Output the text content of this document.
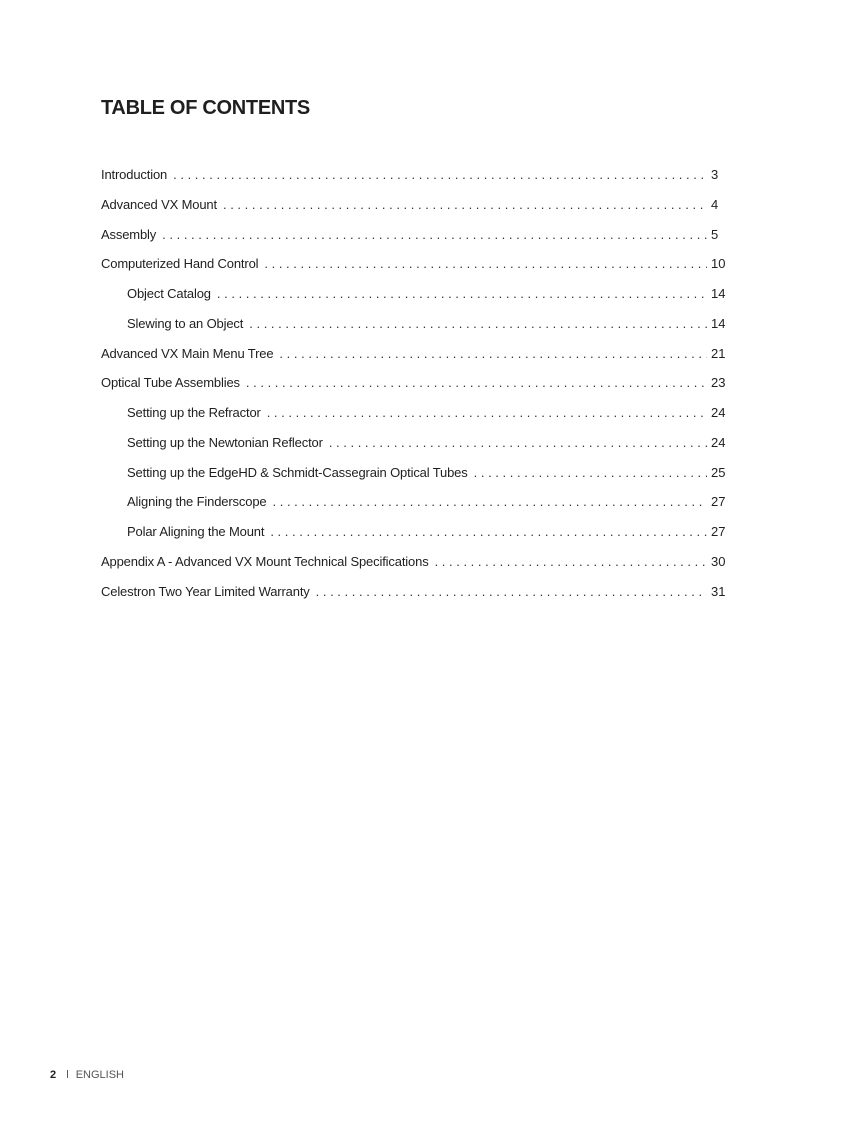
TABLE OF CONTENTS
Introduction . . .	3
Advanced VX Mount . . .	4
Assembly . . .	5
Computerized Hand Control . . .	10
Object Catalog . . .	14
Slewing to an Object . . .	14
Advanced VX Main Menu Tree . . .	21
Optical Tube Assemblies . . .	23
Setting up the Refractor . . .	24
Setting up the Newtonian Reflector . . .	24
Setting up the EdgeHD & Schmidt-Cassegrain Optical Tubes . . .	25
Aligning the Finderscope . . .	27
Polar Aligning the Mount . . .	27
Appendix A - Advanced VX Mount Technical Specifications . . .	30
Celestron Two Year Limited Warranty . . .	31
2 l ENGLISH
